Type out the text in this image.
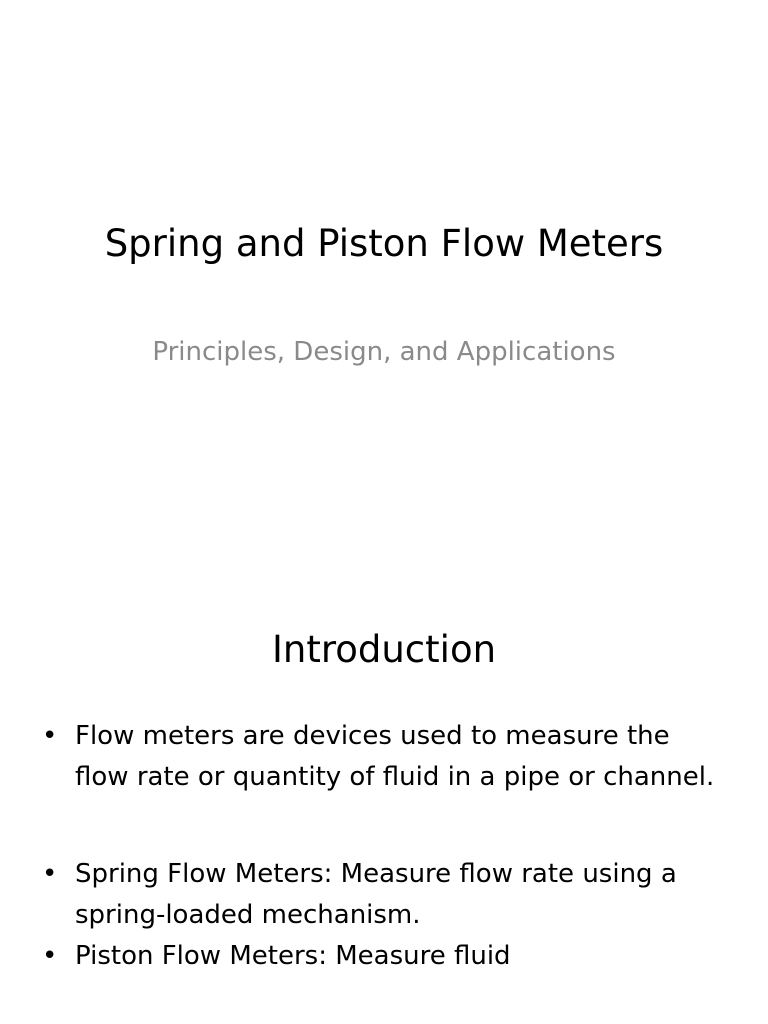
Spring and Piston Flow Meters
Principles, Design, and Applications
Introduction
• Flow meters are devices used to measure the flow rate or quantity of fluid in a pipe or channel.
• Spring Flow Meters: Measure flow rate using a spring-loaded mechanism.
• Piston Flow Meters: Measure fluid
